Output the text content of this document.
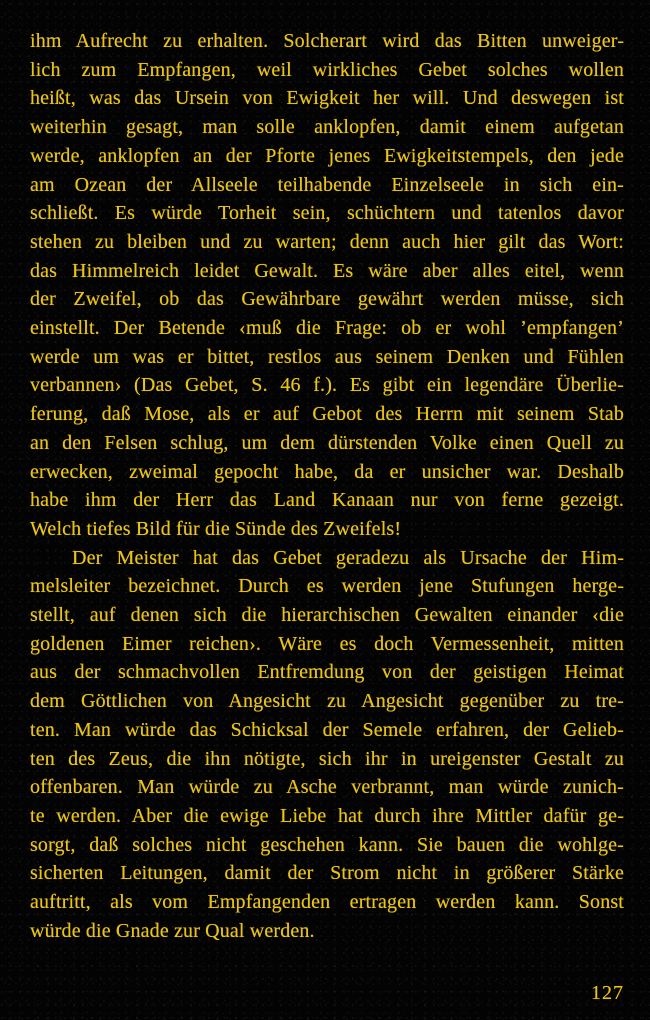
ihm Aufrecht zu erhalten. Solcherart wird das Bitten unweiger-
lich zum Empfangen, weil wirkliches Gebet solches wollen
heißt, was das Ursein von Ewigkeit her will. Und deswegen ist
weiterhin gesagt, man solle anklopfen, damit einem aufgetan
werde, anklopfen an der Pforte jenes Ewigkeitstempels, den jede
am Ozean der Allseele teilhabende Einzelseele in sich ein-
schließt. Es würde Torheit sein, schüchtern und tatenlos davor
stehen zu bleiben und zu warten; denn auch hier gilt das Wort:
das Himmelreich leidet Gewalt. Es wäre aber alles eitel, wenn
der Zweifel, ob das Gewährbare gewährt werden müsse, sich
einstellt. Der Betende ‹muß die Frage: ob er wohl ’empfangen’
werde um was er bittet, restlos aus seinem Denken und Fühlen
verbannen› (Das Gebet, S. 46 f.). Es gibt ein legendäre Überlie-
ferung, daß Mose, als er auf Gebot des Herrn mit seinem Stab
an den Felsen schlug, um dem dürstenden Volke einen Quell zu
erwecken, zweimal gepocht habe, da er unsicher war. Deshalb
habe ihm der Herr das Land Kanaan nur von ferne gezeigt.
Welch tiefes Bild für die Sünde des Zweifels!
Der Meister hat das Gebet geradezu als Ursache der Him-
melsleiter bezeichnet. Durch es werden jene Stufungen herge-
stellt, auf denen sich die hierarchischen Gewalten einander ‹die
goldenen Eimer reichen›. Wäre es doch Vermessenheit, mitten
aus der schmachvollen Entfremdung von der geistigen Heimat
dem Göttlichen von Angesicht zu Angesicht gegenüber zu tre-
ten. Man würde das Schicksal der Semele erfahren, der Gelieb-
ten des Zeus, die ihn nötigte, sich ihr in ureigenster Gestalt zu
offenbaren. Man würde zu Asche verbrannt, man würde zunich-
te werden. Aber die ewige Liebe hat durch ihre Mittler dafür ge-
sorgt, daß solches nicht geschehen kann. Sie bauen die wohlge-
sicherten Leitungen, damit der Strom nicht in größerer Stärke
auftritt, als vom Empfangenden ertragen werden kann. Sonst
würde die Gnade zur Qual werden.
127
